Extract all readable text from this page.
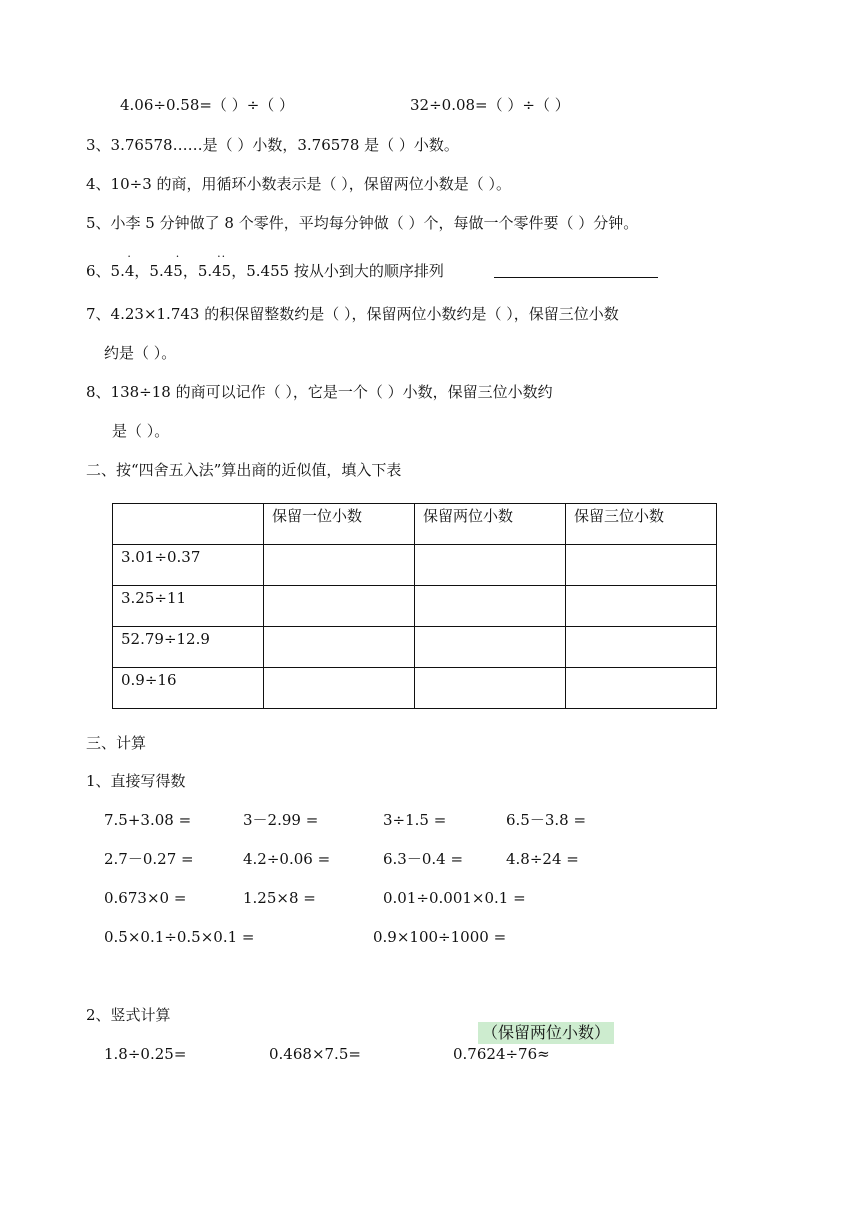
4.06÷0.58=（ ）÷（ ）	32÷0.08=（ ）÷（ ）
3、3.76578……是（ ）小数，3.76578 是（ ）小数。
4、10÷3 的商，用循环小数表示是（ ），保留两位小数是（ ）。
5、小李 5 分钟做了 8 个零件，平均每分钟做（ ）个，每做一个零件要（ ）分钟。
6、5.
·
4，5.4
·
5，5.
··
45，5.455 按从小到大的顺序排列
7、4.23×1.743 的积保留整数约是（ ），保留两位小数约是（ ），保留三位小数
约是（ ）。
8、138÷18 的商可以记作（ ），它是一个（ ）小数，保留三位小数约
是（ ）。
二、按“四舍五入法”算出商的近似值，填入下表
	保留一位小数	保留两位小数	保留三位小数
3.01÷0.37			
3.25÷11			
52.79÷12.9			
0.9÷16			
三、计算
1、直接写得数
7.5+3.08 =	3－2.99 =	3÷1.5 =	6.5－3.8 =
2.7－0.27 =	4.2÷0.06 =	6.3－0.4 =	4.8÷24 =
0.673×0 =	1.25×8 =	0.01÷0.001×0.1 =
0.5×0.1÷0.5×0.1 =	0.9×100÷1000 =
2、竖式计算
（保留两位小数）
1.8÷0.25=	0.468×7.5=	0.7624÷76≈
